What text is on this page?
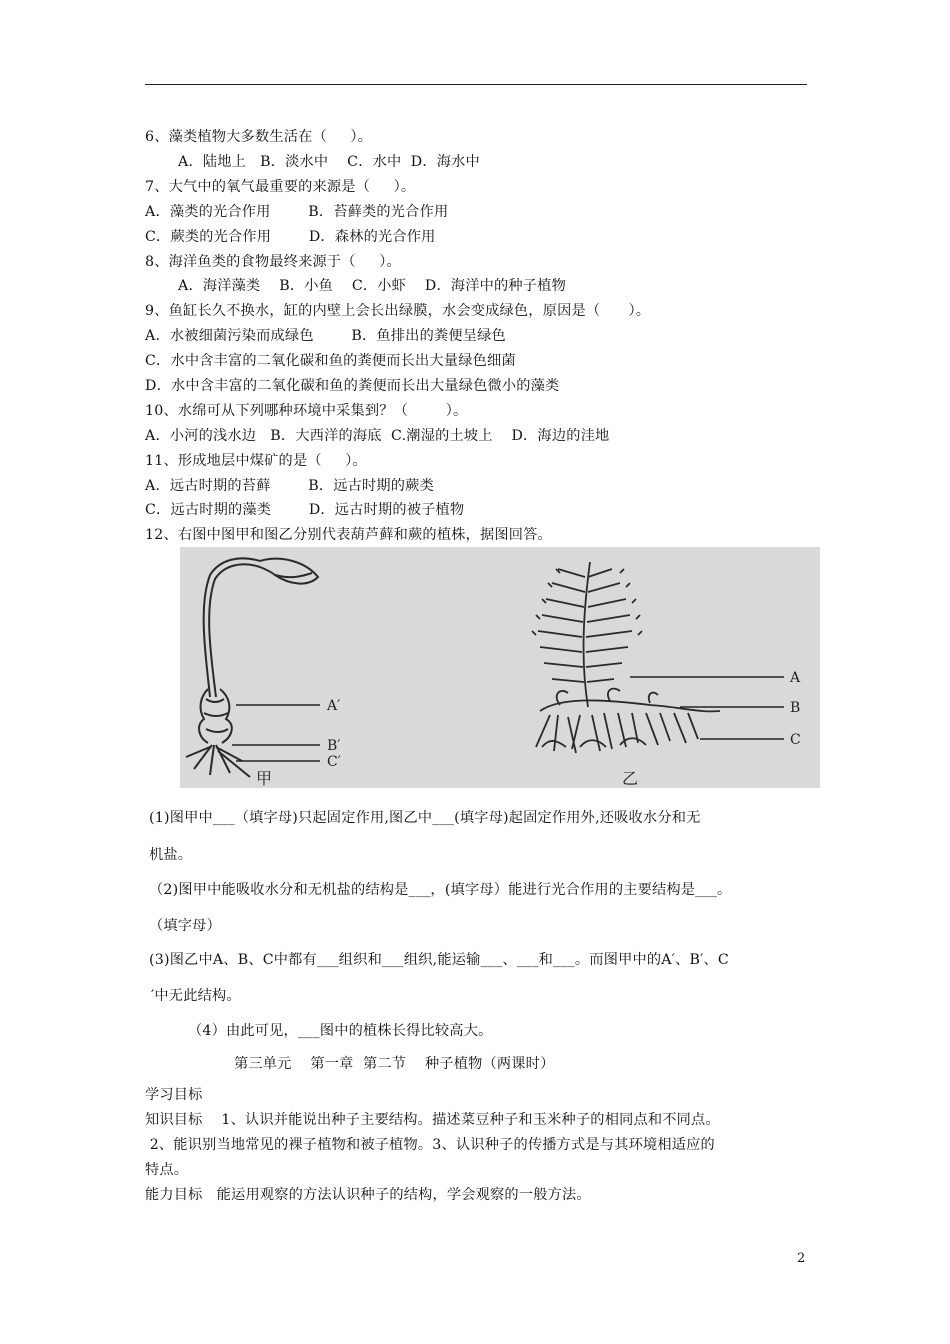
6、藻类植物大多数生活在（     ）。
A．陆地上   B．淡水中    C．水中  D．海水中
7、大气中的氧气最重要的来源是（     ）。
A．藻类的光合作用        B．苔藓类的光合作用
C．蕨类的光合作用        D．森林的光合作用
8、海洋鱼类的食物最终来源于（     ）。
A．海洋藻类    B．小鱼    C．小虾    D．海洋中的种子植物
9、鱼缸长久不换水，缸的内壁上会长出绿膜，水会变成绿色，原因是（      ）。
A．水被细菌污染而成绿色        B．鱼排出的粪便呈绿色
C．水中含丰富的二氧化碳和鱼的粪便而长出大量绿色细菌
D．水中含丰富的二氧化碳和鱼的粪便而长出大量绿色微小的藻类
10、水绵可从下列哪种环境中采集到？（        ）。
A．小河的浅水边   B．大西洋的海底  C.潮湿的土坡上    D．海边的洼地
11、形成地层中煤矿的是（     ）。
A．远古时期的苔藓        B．远古时期的蕨类
C．远古时期的藻类        D．远古时期的被子植物
12、右图中图甲和图乙分别代表葫芦藓和蕨的植株，据图回答。
A′
B′
C′
甲
A
B
C
乙
(1)图甲中___（填字母)只起固定作用,图乙中___(填字母)起固定作用外,还吸收水分和无
机盐。
（2)图甲中能吸收水分和无机盐的结构是___，(填字母）能进行光合作用的主要结构是___。
（填字母）
(3)图乙中A、B、C中都有___组织和___组织,能运输___、___和___。而图甲中的A′、B′、C
′中无此结构。
（4）由此可见，___图中的植株长得比较高大。
第三单元    第一章  第二节    种子植物（两课时）
学习目标
知识目标    1、认识并能说出种子主要结构。描述菜豆种子和玉米种子的相同点和不同点。
2、能识别当地常见的裸子植物和被子植物。3、认识种子的传播方式是与其环境相适应的
特点。
能力目标   能运用观察的方法认识种子的结构，学会观察的一般方法。
2
